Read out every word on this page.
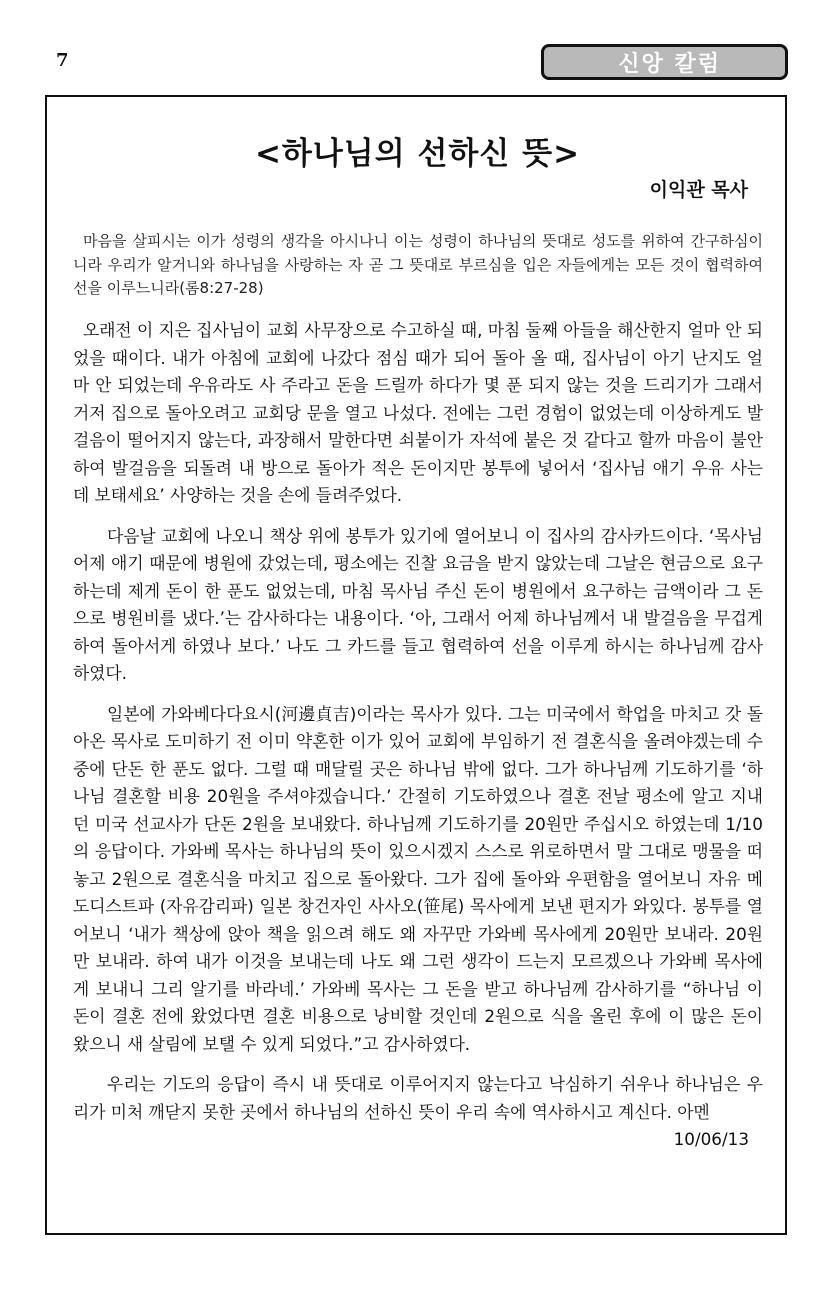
7	신앙 칼럼
<하나님의 선하신 뜻>
이익관 목사

마음을 살피시는 이가 성령의 생각을 아시나니 이는 성령이 하나님의 뜻대로 성도를 위하여 간구하심이니라 우리가 알거니와 하나님을 사랑하는 자 곧 그 뜻대로 부르심을 입은 자들에게는 모든 것이 협력하여 선을 이루느니라(롬8:27-28)

오래전 이 지은 집사님이 교회 사무장으로 수고하실 때, 마침 둘째 아들을 해산한지 얼마 안 되었을 때이다. 내가 아침에 교회에 나갔다 점심 때가 되어 돌아 올 때, 집사님이 아기 난지도 얼마 안 되었는데 우유라도 사 주라고 돈을 드릴까 하다가 몇 푼 되지 않는 것을 드리기가 그래서 거저 집으로 돌아오려고 교회당 문을 열고 나섰다. 전에는 그런 경험이 없었는데 이상하게도 발걸음이 떨어지지 않는다, 과장해서 말한다면 쇠붙이가 자석에 붙은 것 같다고 할까 마음이 불안하여 발걸음을 되돌려 내 방으로 돌아가 적은 돈이지만 봉투에 넣어서 ‘집사님 애기 우유 사는데 보태세요’ 사양하는 것을 손에 들려주었다.

다음날 교회에 나오니 책상 위에 봉투가 있기에 열어보니 이 집사의 감사카드이다. ‘목사님 어제 애기 때문에 병원에 갔었는데, 평소에는 진찰 요금을 받지 않았는데 그날은 현금으로 요구하는데 제게 돈이 한 푼도 없었는데, 마침 목사님 주신 돈이 병원에서 요구하는 금액이라 그 돈으로 병원비를 냈다.’는 감사하다는 내용이다. ‘아, 그래서 어제 하나님께서 내 발걸음을 무겁게 하여 돌아서게 하였나 보다.’ 나도 그 카드를 들고 협력하여 선을 이루게 하시는 하나님께 감사하였다.

일본에 가와베다다요시(河邊貞吉)이라는 목사가 있다. 그는 미국에서 학업을 마치고 갓 돌아온 목사로 도미하기 전 이미 약혼한 이가 있어 교회에 부임하기 전 결혼식을 올려야겠는데 수중에 단돈 한 푼도 없다. 그럴 때 매달릴 곳은 하나님 밖에 없다. 그가 하나님께 기도하기를 ‘하나님 결혼할 비용 20원을 주셔야겠습니다.’ 간절히 기도하였으나 결혼 전날 평소에 알고 지내던 미국 선교사가 단돈 2원을 보내왔다. 하나님께 기도하기를 20원만 주십시오 하였는데 1/10의 응답이다. 가와베 목사는 하나님의 뜻이 있으시겠지 스스로 위로하면서 말 그대로 맹물을 떠놓고 2원으로 결혼식을 마치고 집으로 돌아왔다. 그가 집에 돌아와 우편함을 열어보니 자유 메도디스트파 (자유감리파) 일본 창건자인 사사오(笹尾) 목사에게 보낸 편지가 와있다. 봉투를 열어보니 ‘내가 책상에 앉아 책을 읽으려 해도 왜 자꾸만 가와베 목사에게 20원만 보내라. 20원만 보내라. 하여 내가 이것을 보내는데 나도 왜 그런 생각이 드는지 모르겠으나 가와베 목사에게 보내니 그리 알기를 바라네.’ 가와베 목사는 그 돈을 받고 하나님께 감사하기를 “하나님 이 돈이 결혼 전에 왔었다면 결혼 비용으로 낭비할 것인데 2원으로 식을 올린 후에 이 많은 돈이 왔으니 새 살림에 보탤 수 있게 되었다.”고 감사하였다.

우리는 기도의 응답이 즉시 내 뜻대로 이루어지지 않는다고 낙심하기 쉬우나 하나님은 우리가 미처 깨닫지 못한 곳에서 하나님의 선하신 뜻이 우리 속에 역사하시고 계신다. 아멘
10/06/13
